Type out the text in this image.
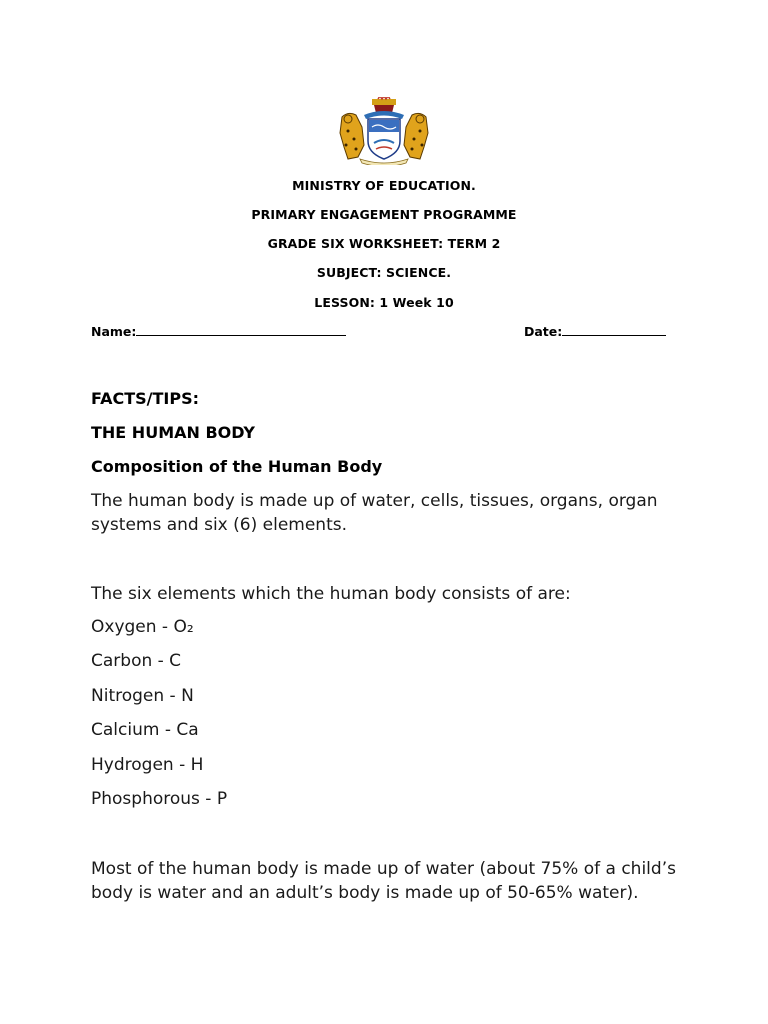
MINISTRY OF EDUCATION.
PRIMARY ENGAGEMENT PROGRAMME
GRADE SIX WORKSHEET: TERM 2
SUBJECT: SCIENCE.
LESSON: 1 Week 10
Name:	Date:
FACTS/TIPS:
THE HUMAN BODY
Composition of the Human Body
The human body is made up of water, cells, tissues, organs, organ systems and six (6) elements.
The six elements which the human body consists of are:
Oxygen - O₂
Carbon - C
Nitrogen - N
Calcium - Ca
Hydrogen - H
Phosphorous - P
Most of the human body is made up of water (about 75% of a child’s body is water and an adult’s body is made up of 50-65% water).
